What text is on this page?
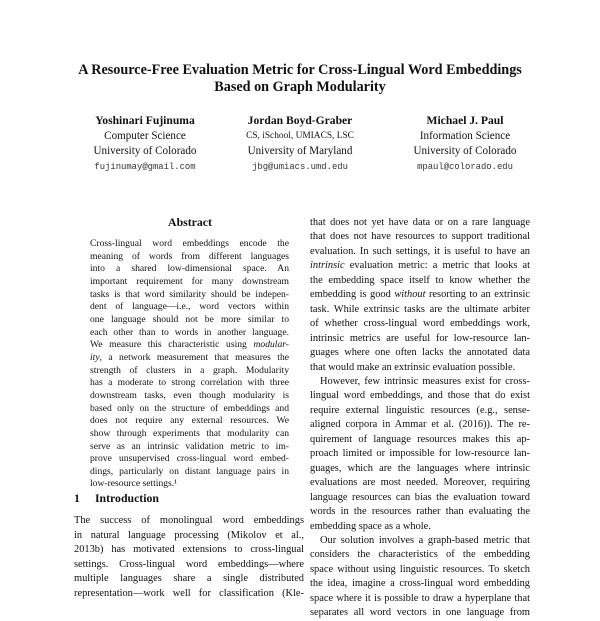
A Resource-Free Evaluation Metric for Cross-Lingual Word Embeddings
Based on Graph Modularity
Yoshinari Fujinuma
Computer Science
University of Colorado
fujinumay@gmail.com
Jordan Boyd-Graber
CS, iSchool, UMIACS, LSC
University of Maryland
jbg@umiacs.umd.edu
Michael J. Paul
Information Science
University of Colorado
mpaul@colorado.edu
Abstract
Cross-lingual word embeddings encode the
meaning of words from different languages
into a shared low-dimensional space. An
important requirement for many downstream
tasks is that word similarity should be indepen-
dent of language—i.e., word vectors within
one language should not be more similar to
each other than to words in another language.
We measure this characteristic using modular-
ity, a network measurement that measures the
strength of clusters in a graph. Modularity
has a moderate to strong correlation with three
downstream tasks, even though modularity is
based only on the structure of embeddings and
does not require any external resources. We
show through experiments that modularity can
serve as an intrinsic validation metric to im-
prove unsupervised cross-lingual word embed-
dings, particularly on distant language pairs in
low-resource settings.¹
1 Introduction
The success of monolingual word embeddings
in natural language processing (Mikolov et al.,
2013b) has motivated extensions to cross-lingual
settings. Cross-lingual word embeddings—where
multiple languages share a single distributed
representation—work well for classification (Kle-
that does not yet have data or on a rare language
that does not have resources to support traditional
evaluation. In such settings, it is useful to have an
intrinsic evaluation metric: a metric that looks at
the embedding space itself to know whether the
embedding is good without resorting to an extrinsic
task. While extrinsic tasks are the ultimate arbiter
of whether cross-lingual word embeddings work,
intrinsic metrics are useful for low-resource lan-
guages where one often lacks the annotated data
that would make an extrinsic evaluation possible.
However, few intrinsic measures exist for cross-
lingual word embeddings, and those that do exist
require external linguistic resources (e.g., sense-
aligned corpora in Ammar et al. (2016)). The re-
quirement of language resources makes this ap-
proach limited or impossible for low-resource lan-
guages, which are the languages where intrinsic
evaluations are most needed. Moreover, requiring
language resources can bias the evaluation toward
words in the resources rather than evaluating the
embedding space as a whole.
Our solution involves a graph-based metric that
considers the characteristics of the embedding
space without using linguistic resources. To sketch
the idea, imagine a cross-lingual word embedding
space where it is possible to draw a hyperplane that
separates all word vectors in one language from
